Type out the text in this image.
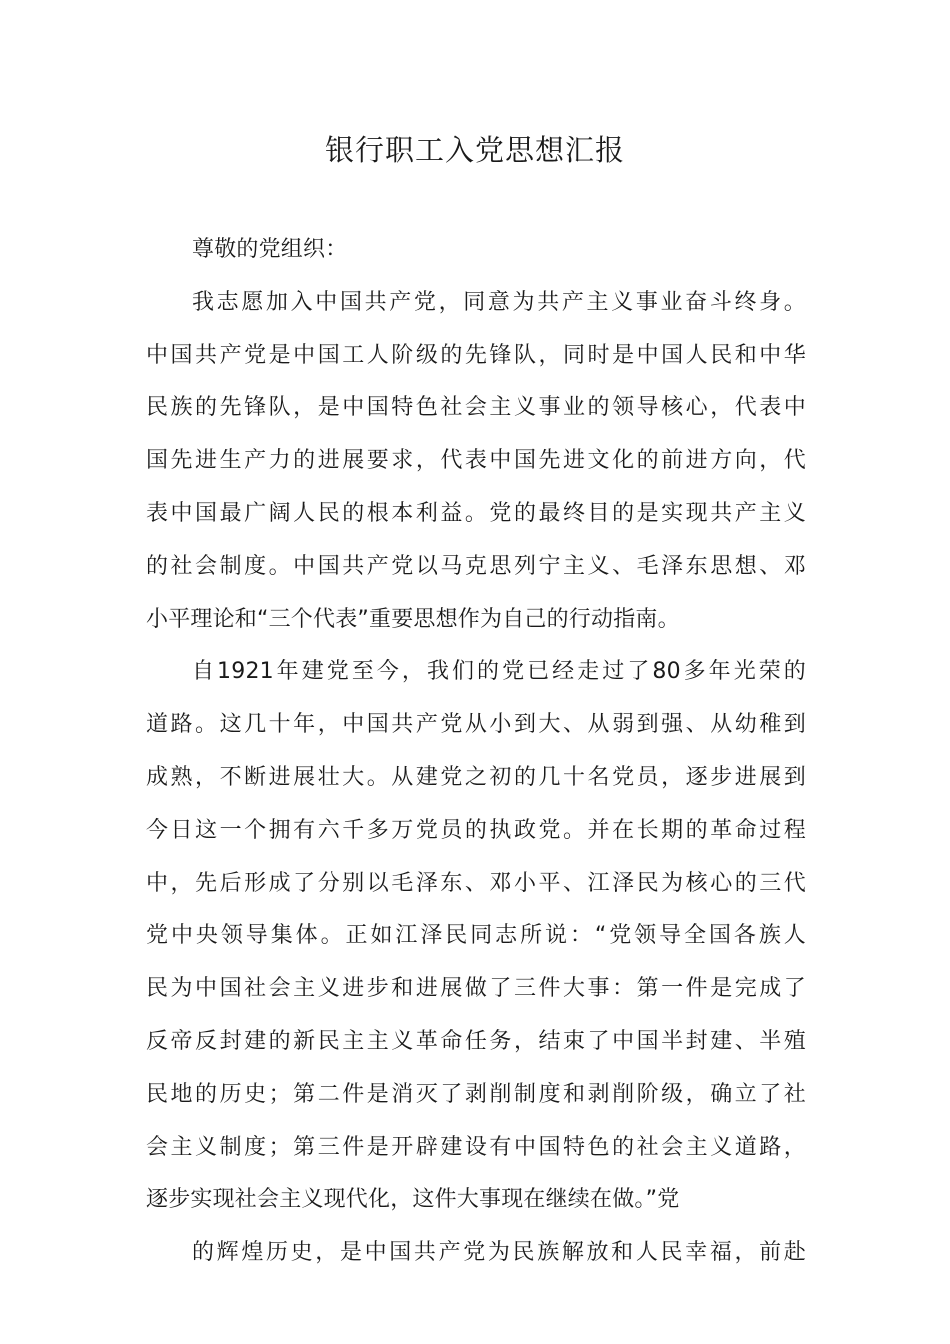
银行职工入党思想汇报
尊敬的党组织：
我志愿加入中国共产党，同意为共产主义事业奋斗终身。
中国共产党是中国工人阶级的先锋队，同时是中国人民和中华
民族的先锋队，是中国特色社会主义事业的领导核心，代表中
国先进生产力的进展要求，代表中国先进文化的前进方向，代
表中国最广阔人民的根本利益。党的最终目的是实现共产主义
的社会制度。中国共产党以马克思列宁主义、毛泽东思想、邓
小平理论和“三个代表”重要思想作为自己的行动指南。
自1921年建党至今，我们的党已经走过了80多年光荣的
道路。这几十年，中国共产党从小到大、从弱到强、从幼稚到
成熟，不断进展壮大。从建党之初的几十名党员，逐步进展到
今日这一个拥有六千多万党员的执政党。并在长期的革命过程
中，先后形成了分别以毛泽东、邓小平、江泽民为核心的三代
党中央领导集体。正如江泽民同志所说：“党领导全国各族人
民为中国社会主义进步和进展做了三件大事：第一件是完成了
反帝反封建的新民主主义革命任务，结束了中国半封建、半殖
民地的历史；第二件是消灭了剥削制度和剥削阶级，确立了社
会主义制度；第三件是开辟建设有中国特色的社会主义道路，
逐步实现社会主义现代化，这件大事现在继续在做。”党
的辉煌历史，是中国共产党为民族解放和人民幸福，前赴
